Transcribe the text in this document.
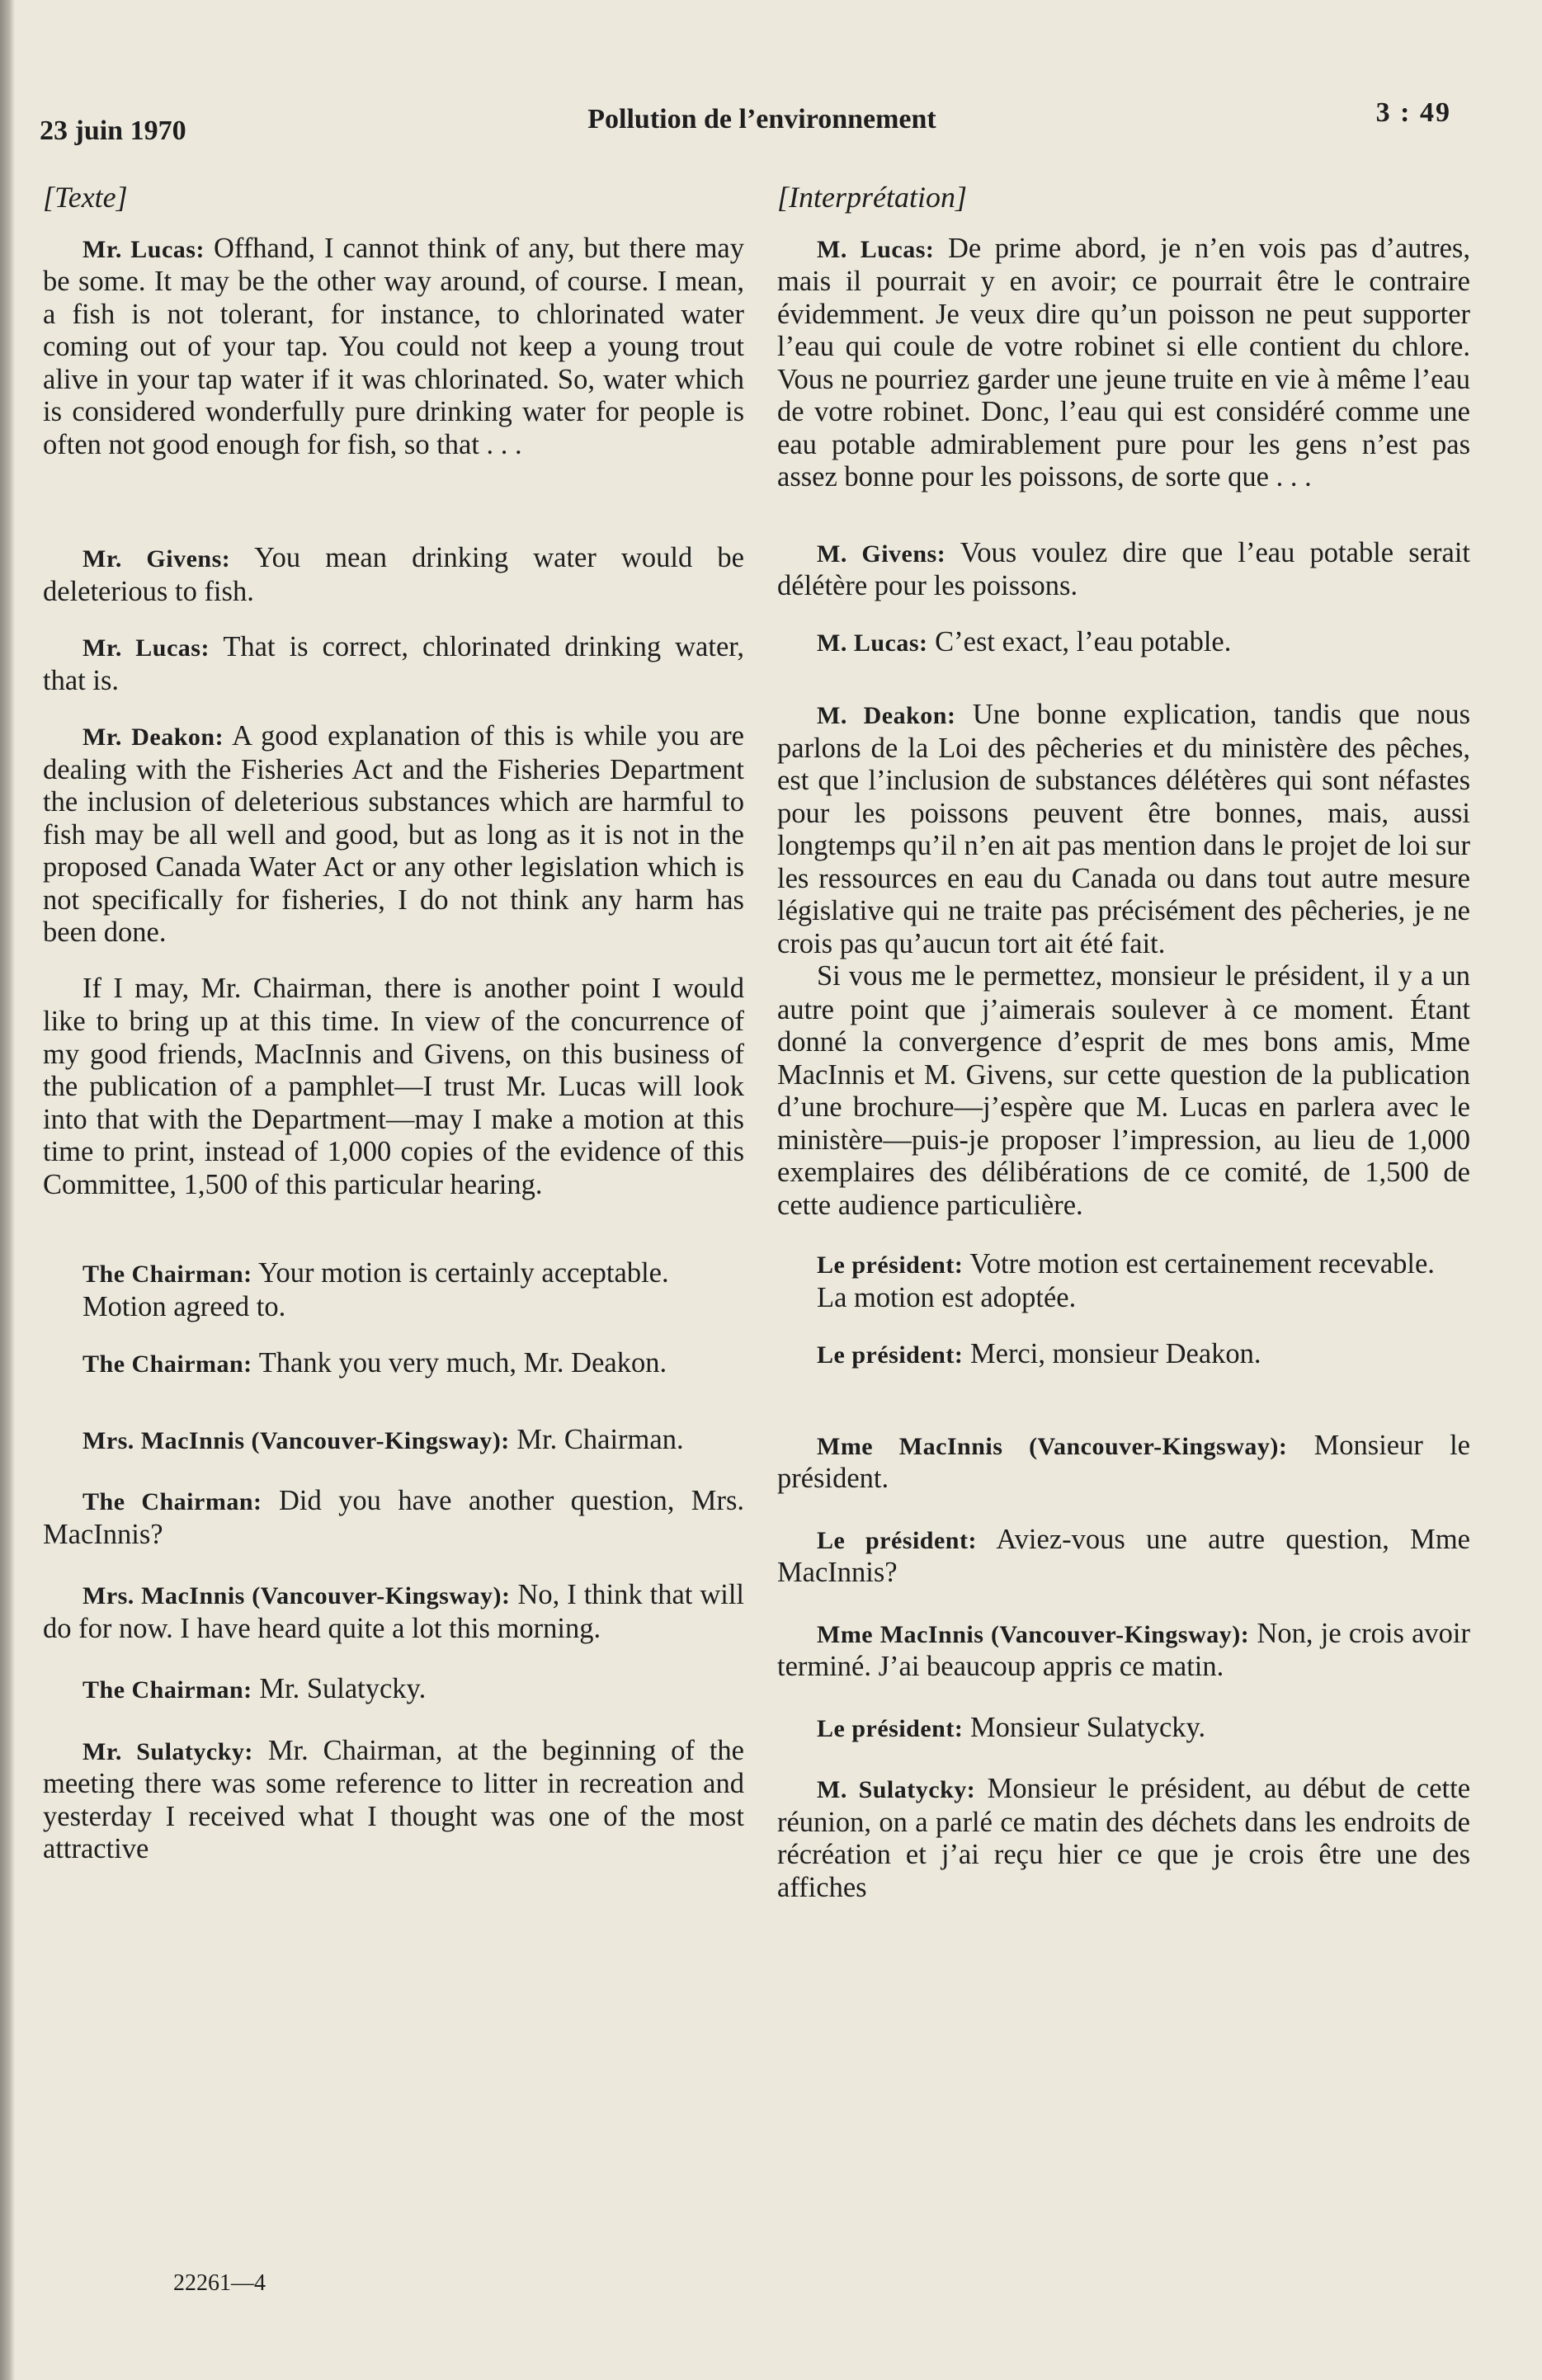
23 juin 1970	Pollution de l’environnement	3 : 49
[Texte]

Mr. Lucas: Offhand, I cannot think of any, but there may be some. It may be the other way around, of course. I mean, a fish is not tolerant, for instance, to chlorinated water coming out of your tap. You could not keep a young trout alive in your tap water if it was chlorinated. So, water which is considered wonderfully pure drinking water for people is often not good enough for fish, so that . . .

Mr. Givens: You mean drinking water would be deleterious to fish.

Mr. Lucas: That is correct, chlorinated drinking water, that is.

Mr. Deakon: A good explanation of this is while you are dealing with the Fisheries Act and the Fisheries Department the inclusion of deleterious substances which are harmful to fish may be all well and good, but as long as it is not in the proposed Canada Water Act or any other legislation which is not specifically for fisheries, I do not think any harm has been done.

If I may, Mr. Chairman, there is another point I would like to bring up at this time. In view of the concurrence of my good friends, MacInnis and Givens, on this business of the publication of a pamphlet—I trust Mr. Lucas will look into that with the Department—may I make a motion at this time to print, instead of 1,000 copies of the evidence of this Committee, 1,500 of this particular hearing.

The Chairman: Your motion is certainly acceptable.

Motion agreed to.

The Chairman: Thank you very much, Mr. Deakon.

Mrs. MacInnis (Vancouver-Kingsway): Mr. Chairman.

The Chairman: Did you have another question, Mrs. MacInnis?

Mrs. MacInnis (Vancouver-Kingsway): No, I think that will do for now. I have heard quite a lot this morning.

The Chairman: Mr. Sulatycky.

Mr. Sulatycky: Mr. Chairman, at the beginning of the meeting there was some reference to litter in recreation and yesterday I received what I thought was one of the most attractive

[Interprétation]

M. Lucas: De prime abord, je n’en vois pas d’autres, mais il pourrait y en avoir; ce pourrait être le contraire évidemment. Je veux dire qu’un poisson ne peut supporter l’eau qui coule de votre robinet si elle contient du chlore. Vous ne pourriez garder une jeune truite en vie à même l’eau de votre robinet. Donc, l’eau qui est considéré comme une eau potable admirablement pure pour les gens n’est pas assez bonne pour les poissons, de sorte que . . .

M. Givens: Vous voulez dire que l’eau potable serait délétère pour les poissons.

M. Lucas: C’est exact, l’eau potable.

M. Deakon: Une bonne explication, tandis que nous parlons de la Loi des pêcheries et du ministère des pêches, est que l’inclusion de substances délétères qui sont néfastes pour les poissons peuvent être bonnes, mais, aussi longtemps qu’il n’en ait pas mention dans le projet de loi sur les ressources en eau du Canada ou dans tout autre mesure législative qui ne traite pas précisément des pêcheries, je ne crois pas qu’aucun tort ait été fait.

Si vous me le permettez, monsieur le président, il y a un autre point que j’aimerais soulever à ce moment. Étant donné la convergence d’esprit de mes bons amis, Mme MacInnis et M. Givens, sur cette question de la publication d’une brochure—j’espère que M. Lucas en parlera avec le ministère—puis-je proposer l’impression, au lieu de 1,000 exemplaires des délibérations de ce comité, de 1,500 de cette audience particulière.

Le président: Votre motion est certainement recevable.

La motion est adoptée.

Le président: Merci, monsieur Deakon.

Mme MacInnis (Vancouver-Kingsway): Monsieur le président.

Le président: Aviez-vous une autre question, Mme MacInnis?

Mme MacInnis (Vancouver-Kingsway): Non, je crois avoir terminé. J’ai beaucoup appris ce matin.

Le président: Monsieur Sulatycky.

M. Sulatycky: Monsieur le président, au début de cette réunion, on a parlé ce matin des déchets dans les endroits de récréation et j’ai reçu hier ce que je crois être une des affiches

22261—4
